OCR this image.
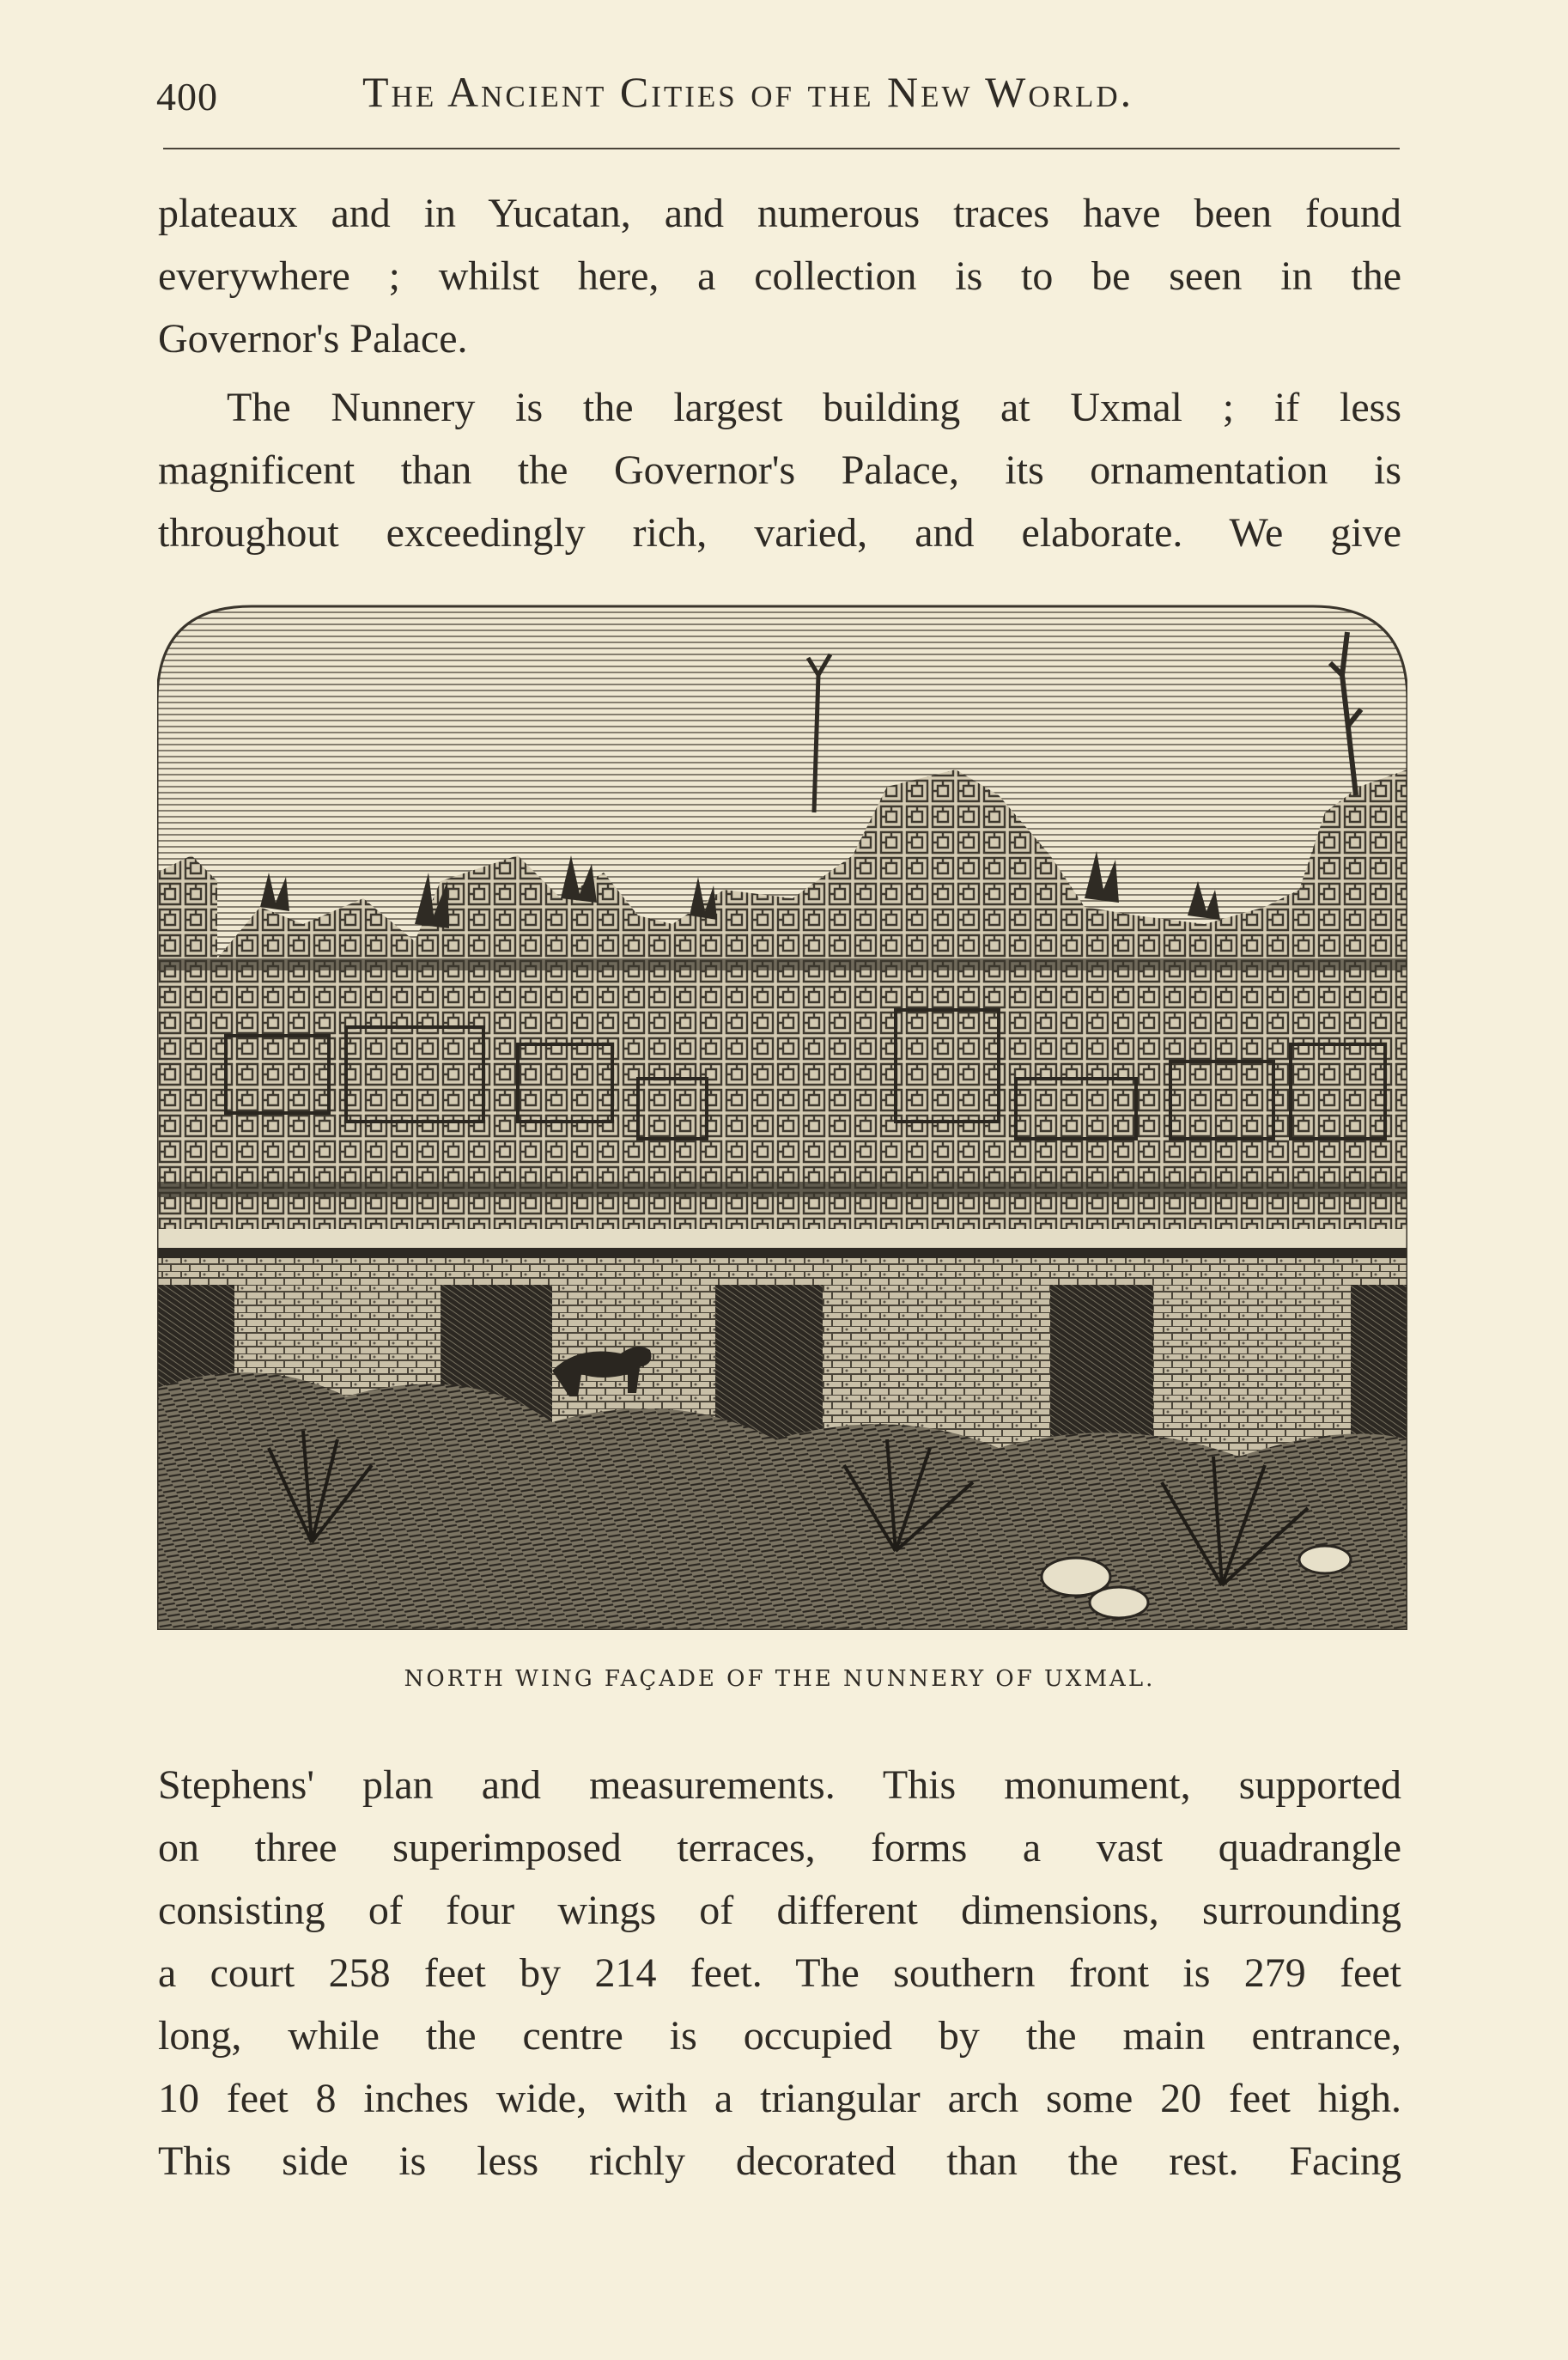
400	The Ancient Cities of the New World.

plateaux and in Yucatan, and numerous traces have been found
everywhere ; whilst here, a collection is to be seen in the
Governor's Palace.

The Nunnery is the largest building at Uxmal ; if less
magnificent than the Governor's Palace, its ornamentation is
throughout exceedingly rich, varied, and elaborate. We give

NORTH WING FAÇADE OF THE NUNNERY OF UXMAL.

Stephens' plan and measurements. This monument, supported
on three superimposed terraces, forms a vast quadrangle
consisting of four wings of different dimensions, surrounding
a court 258 feet by 214 feet. The southern front is 279 feet
long, while the centre is occupied by the main entrance,
10 feet 8 inches wide, with a triangular arch some 20 feet high.
This side is less richly decorated than the rest. Facing
